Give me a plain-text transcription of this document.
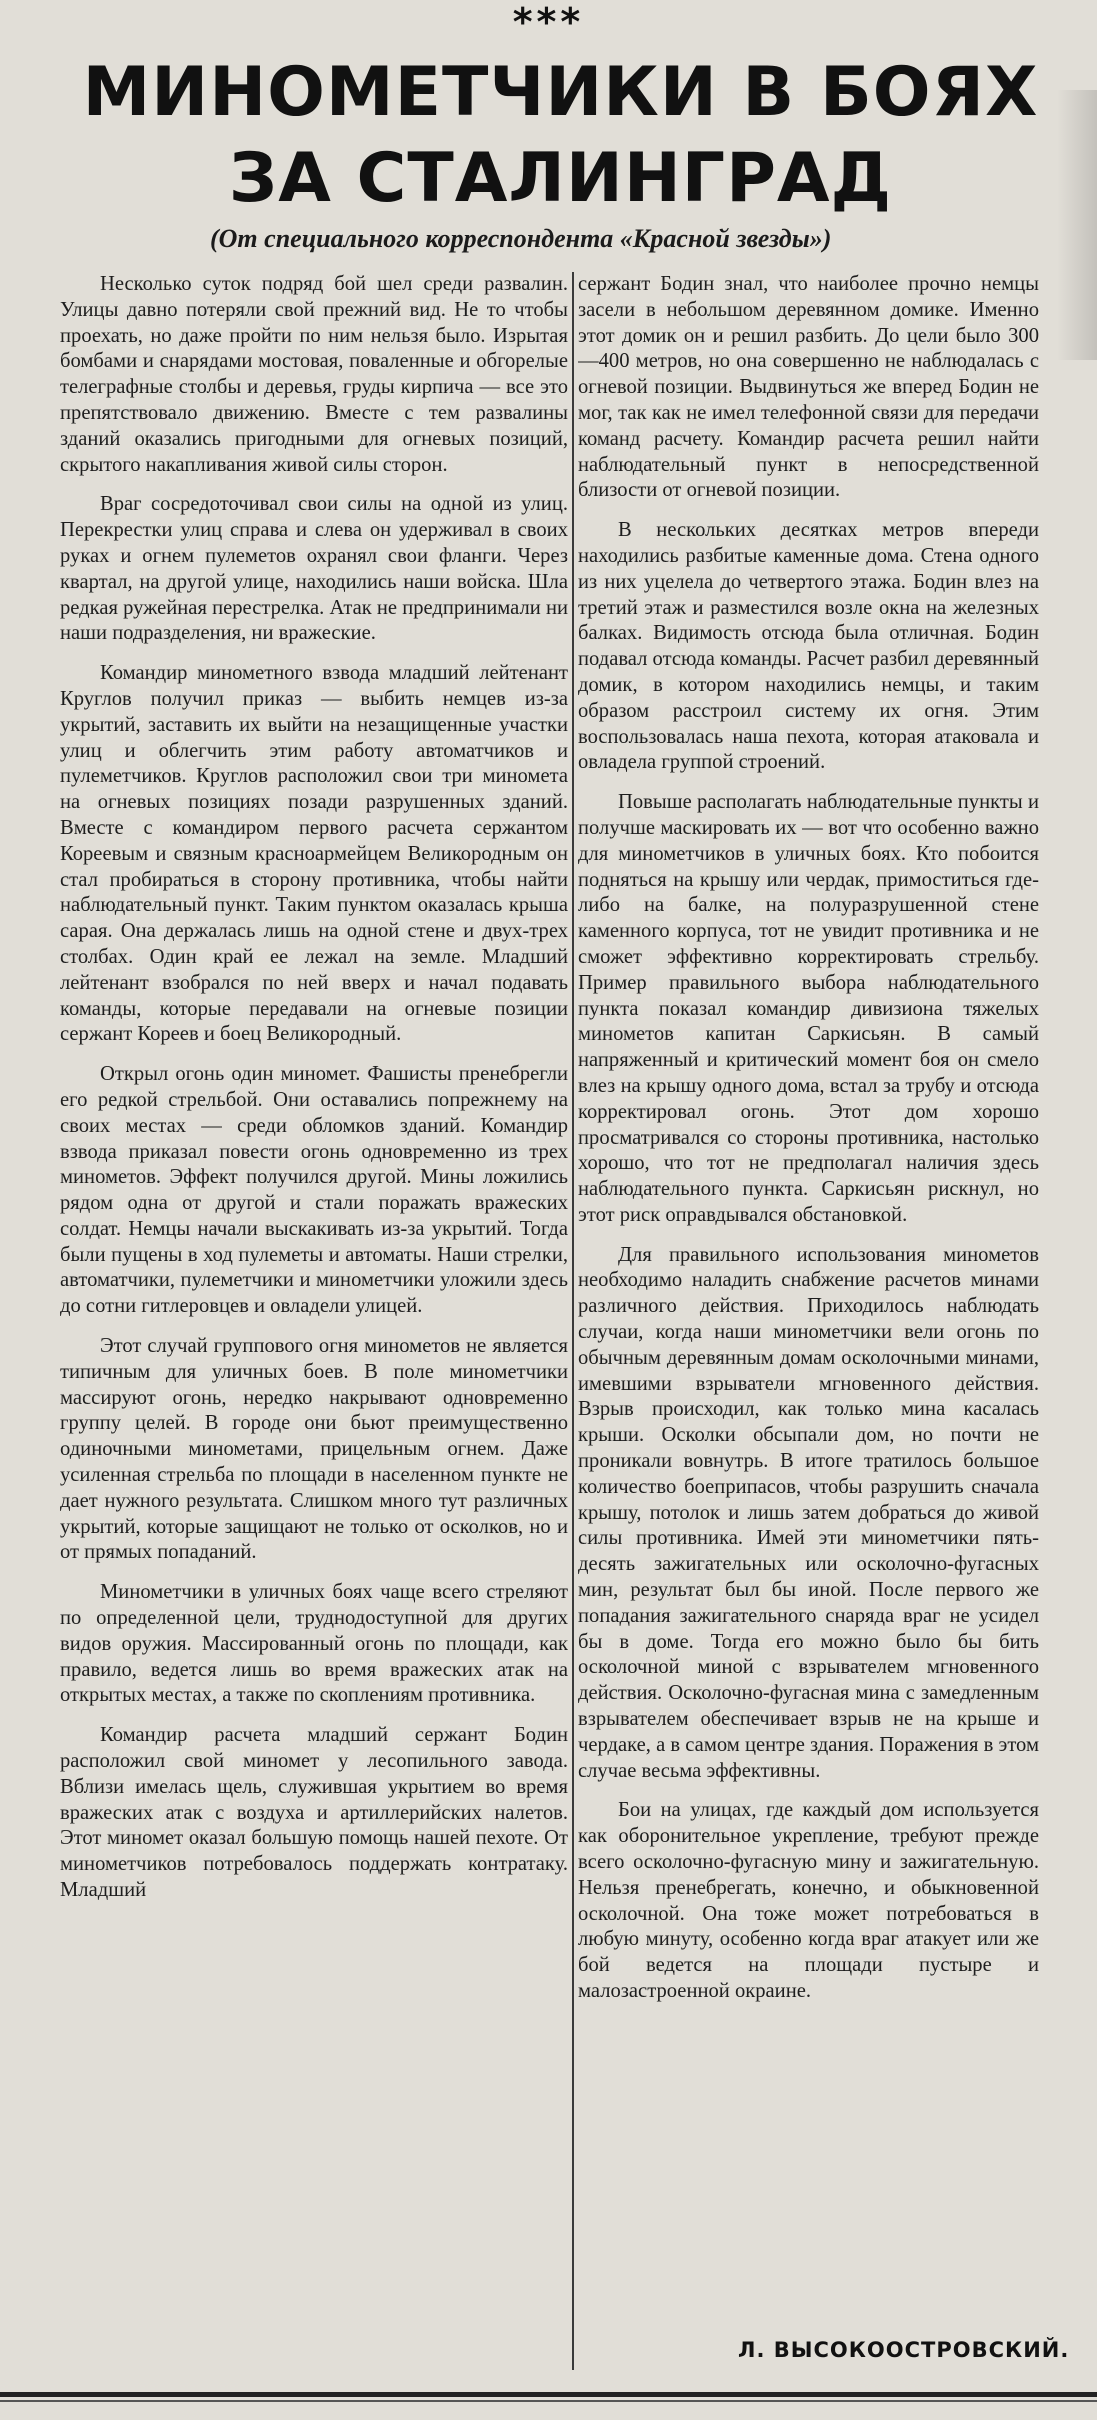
***
МИНОМЕТЧИКИ В БОЯХ
ЗА СТАЛИНГРАД
(От специального корреспондента «Красной звезды»)

Несколько суток подряд бой шел среди развалин. Улицы давно потеряли свой прежний вид. Не то чтобы проехать, но даже пройти по ним нельзя было. Изрытая бомбами и снарядами мостовая, поваленные и обгорелые телеграфные столбы и деревья, груды кирпича — все это препятствовало движению. Вместе с тем развалины зданий оказались пригодными для огневых позиций, скрытого накапливания живой силы сторон.

Враг сосредоточивал свои силы на одной из улиц. Перекрестки улиц справа и слева он удерживал в своих руках и огнем пулеметов охранял свои фланги. Через квартал, на другой улице, находились наши войска. Шла редкая ружейная перестрелка. Атак не предпринимали ни наши подразделения, ни вражеские.

Командир минометного взвода младший лейтенант Круглов получил приказ — выбить немцев из-за укрытий, заставить их выйти на незащищенные участки улиц и облегчить этим работу автоматчиков и пулеметчиков. Круглов расположил свои три миномета на огневых позициях позади разрушенных зданий. Вместе с командиром первого расчета сержантом Кореевым и связным красноармейцем Великородным он стал пробираться в сторону противника, чтобы найти наблюдательный пункт. Таким пунктом оказалась крыша сарая. Она держалась лишь на одной стене и двух-трех столбах. Один край ее лежал на земле. Младший лейтенант взобрался по ней вверх и начал подавать команды, которые передавали на огневые позиции сержант Кореев и боец Великородный.

Открыл огонь один миномет. Фашисты пренебрегли его редкой стрельбой. Они оставались попрежнему на своих местах — среди обломков зданий. Командир взвода приказал повести огонь одновременно из трех минометов. Эффект получился другой. Мины ложились рядом одна от другой и стали поражать вражеских солдат. Немцы начали выскакивать из-за укрытий. Тогда были пущены в ход пулеметы и автоматы. Наши стрелки, автоматчики, пулеметчики и минометчики уложили здесь до сотни гитлеровцев и овладели улицей.

Этот случай группового огня минометов не является типичным для уличных боев. В поле минометчики массируют огонь, нередко накрывают одновременно группу целей. В городе они бьют преимущественно одиночными минометами, прицельным огнем. Даже усиленная стрельба по площади в населенном пункте не дает нужного результата. Слишком много тут различных укрытий, которые защищают не только от осколков, но и от прямых попаданий.

Минометчики в уличных боях чаще всего стреляют по определенной цели, труднодоступной для других видов оружия. Массированный огонь по площади, как правило, ведется лишь во время вражеских атак на открытых местах, а также по скоплениям противника.

Командир расчета младший сержант Бодин расположил свой миномет у лесопильного завода. Вблизи имелась щель, служившая укрытием во время вражеских атак с воздуха и артиллерийских налетов. Этот миномет оказал большую помощь нашей пехоте. От минометчиков потребовалось поддержать контратаку. Младший

сержант Бодин знал, что наиболее прочно немцы засели в небольшом деревянном домике. Именно этот домик он и решил разбить. До цели было 300—400 метров, но она совершенно не наблюдалась с огневой позиции. Выдвинуться же вперед Бодин не мог, так как не имел телефонной связи для передачи команд расчету. Командир расчета решил найти наблюдательный пункт в непосредственной близости от огневой позиции.

В нескольких десятках метров впереди находились разбитые каменные дома. Стена одного из них уцелела до четвертого этажа. Бодин влез на третий этаж и разместился возле окна на железных балках. Видимость отсюда была отличная. Бодин подавал отсюда команды. Расчет разбил деревянный домик, в котором находились немцы, и таким образом расстроил систему их огня. Этим воспользовалась наша пехота, которая атаковала и овладела группой строений.

Повыше располагать наблюдательные пункты и получше маскировать их — вот что особенно важно для минометчиков в уличных боях. Кто побоится подняться на крышу или чердак, примоститься где-либо на балке, на полуразрушенной стене каменного корпуса, тот не увидит противника и не сможет эффективно корректировать стрельбу. Пример правильного выбора наблюдательного пункта показал командир дивизиона тяжелых минометов капитан Саркисьян. В самый напряженный и критический момент боя он смело влез на крышу одного дома, встал за трубу и отсюда корректировал огонь. Этот дом хорошо просматривался со стороны противника, настолько хорошо, что тот не предполагал наличия здесь наблюдательного пункта. Саркисьян рискнул, но этот риск оправдывался обстановкой.

Для правильного использования минометов необходимо наладить снабжение расчетов минами различного действия. Приходилось наблюдать случаи, когда наши минометчики вели огонь по обычным деревянным домам осколочными минами, имевшими взрыватели мгновенного действия. Взрыв происходил, как только мина касалась крыши. Осколки обсыпали дом, но почти не проникали вовнутрь. В итоге тратилось большое количество боеприпасов, чтобы разрушить сначала крышу, потолок и лишь затем добраться до живой силы противника. Имей эти минометчики пять-десять зажигательных или осколочно-фугасных мин, результат был бы иной. После первого же попадания зажигательного снаряда враг не усидел бы в доме. Тогда его можно было бы бить осколочной миной с взрывателем мгновенного действия. Осколочно-фугасная мина с замедленным взрывателем обеспечивает взрыв не на крыше и чердаке, а в самом центре здания. Поражения в этом случае весьма эффективны.

Бои на улицах, где каждый дом используется как оборонительное укрепление, требуют прежде всего осколочно-фугасную мину и зажигательную. Нельзя пренебрегать, конечно, и обыкновенной осколочной. Она тоже может потребоваться в любую минуту, особенно когда враг атакует или же бой ведется на площади пустыре и малозастроенной окраине.

Л. ВЫСОКООСТРОВСКИЙ.
